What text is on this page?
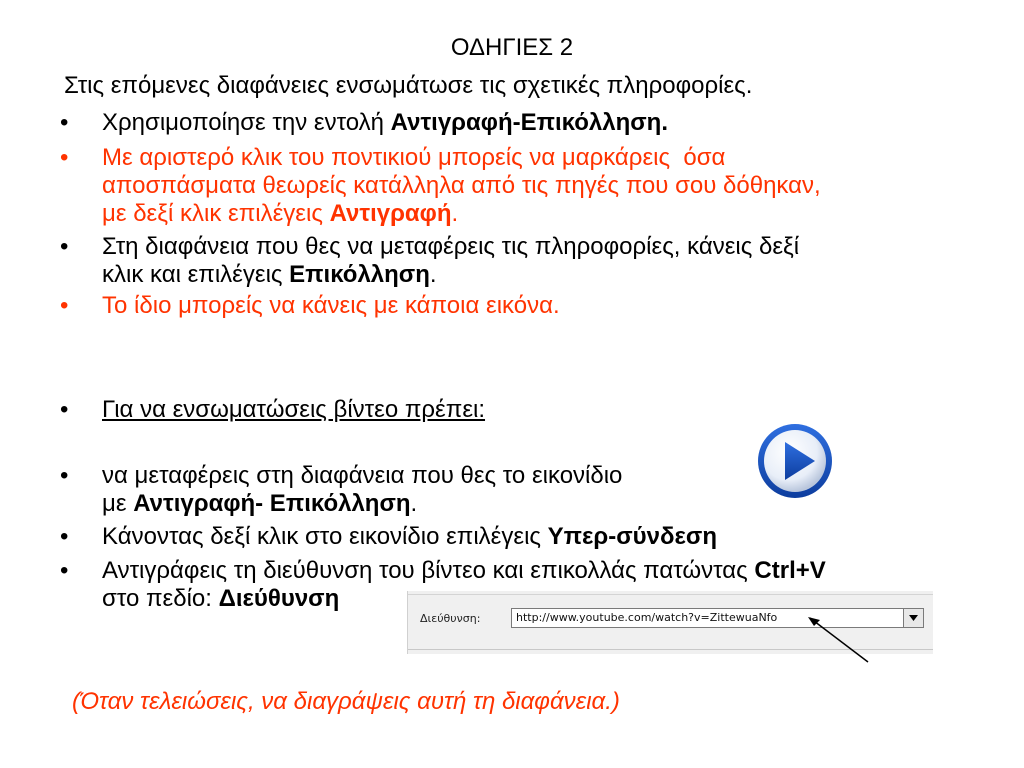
ΟΔΗΓΙΕΣ 2
Στις επόμενες διαφάνειες ενσωμάτωσε τις σχετικές πληροφορίες.
•	Χρησιμοποίησε την εντολή Αντιγραφή-Επικόλληση.
•	Με αριστερό κλικ του ποντικιού μπορείς να μαρκάρεις  όσα
αποσπάσματα θεωρείς κατάλληλα από τις πηγές που σου δόθηκαν,
με δεξί κλικ επιλέγεις Αντιγραφή.
•	Στη διαφάνεια που θες να μεταφέρεις τις πληροφορίες, κάνεις δεξί
κλικ και επιλέγεις Επικόλληση.
•	Το ίδιο μπορείς να κάνεις με κάποια εικόνα.
•	Για να ενσωματώσεις βίντεο πρέπει:
•	να μεταφέρεις στη διαφάνεια που θες το εικονίδιο
με Αντιγραφή- Επικόλληση.
•	Κάνοντας δεξί κλικ στο εικονίδιο επιλέγεις Υπερ-σύνδεση
•	Αντιγράφεις τη διεύθυνση του βίντεο και επικολλάς πατώντας Ctrl+V
στο πεδίο: Διεύθυνση
Διεύθυνση:	http://www.youtube.com/watch?v=ZittewuaNfo
(Όταν τελειώσεις, να διαγράψεις αυτή τη διαφάνεια.)
